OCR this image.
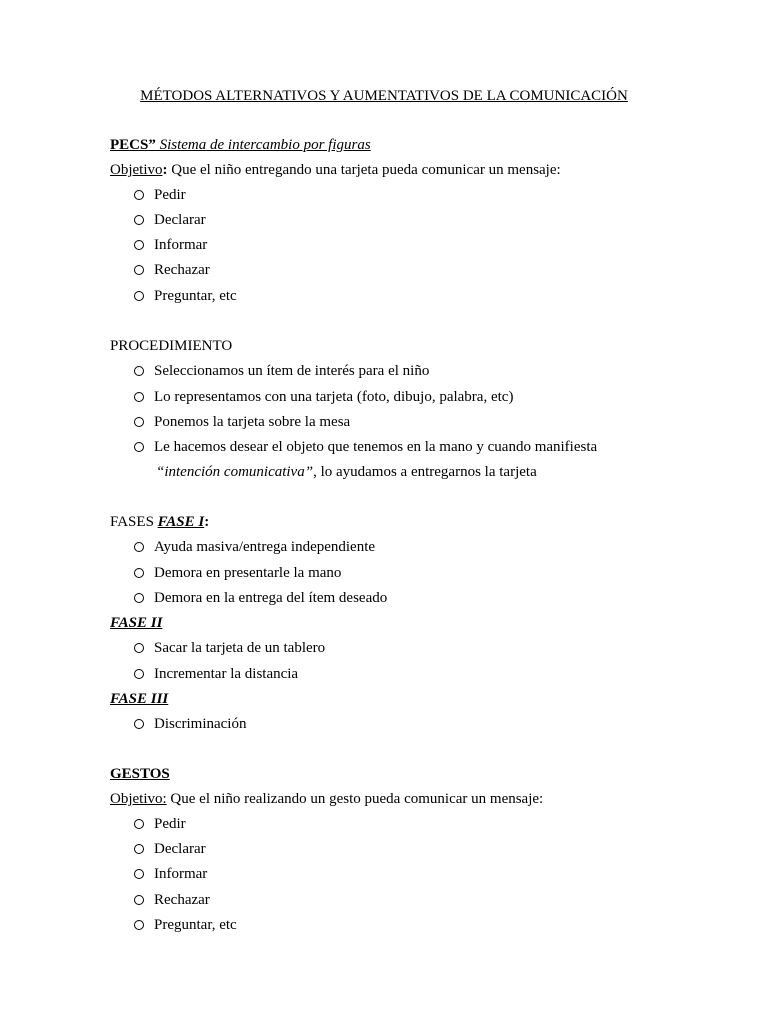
MÉTODOS ALTERNATIVOS Y AUMENTATIVOS DE LA COMUNICACIÓN
PECS” Sistema de intercambio por figuras
Objetivo: Que el niño entregando una tarjeta pueda comunicar un mensaje:
Pedir
Declarar
Informar
Rechazar
Preguntar, etc
PROCEDIMIENTO
Seleccionamos un ítem de interés para el niño
Lo representamos con una tarjeta (foto, dibujo, palabra, etc)
Ponemos la tarjeta sobre la mesa
Le hacemos desear el objeto que tenemos en la mano y cuando manifiesta
“intención comunicativa”, lo ayudamos a entregarnos la tarjeta
FASES FASE I:
Ayuda masiva/entrega independiente
Demora en presentarle la mano
Demora en la entrega del ítem deseado
FASE II
Sacar la tarjeta de un tablero
Incrementar la distancia
FASE III
Discriminación
GESTOS
Objetivo: Que el niño realizando un gesto pueda comunicar un mensaje:
Pedir
Declarar
Informar
Rechazar
Preguntar, etc
